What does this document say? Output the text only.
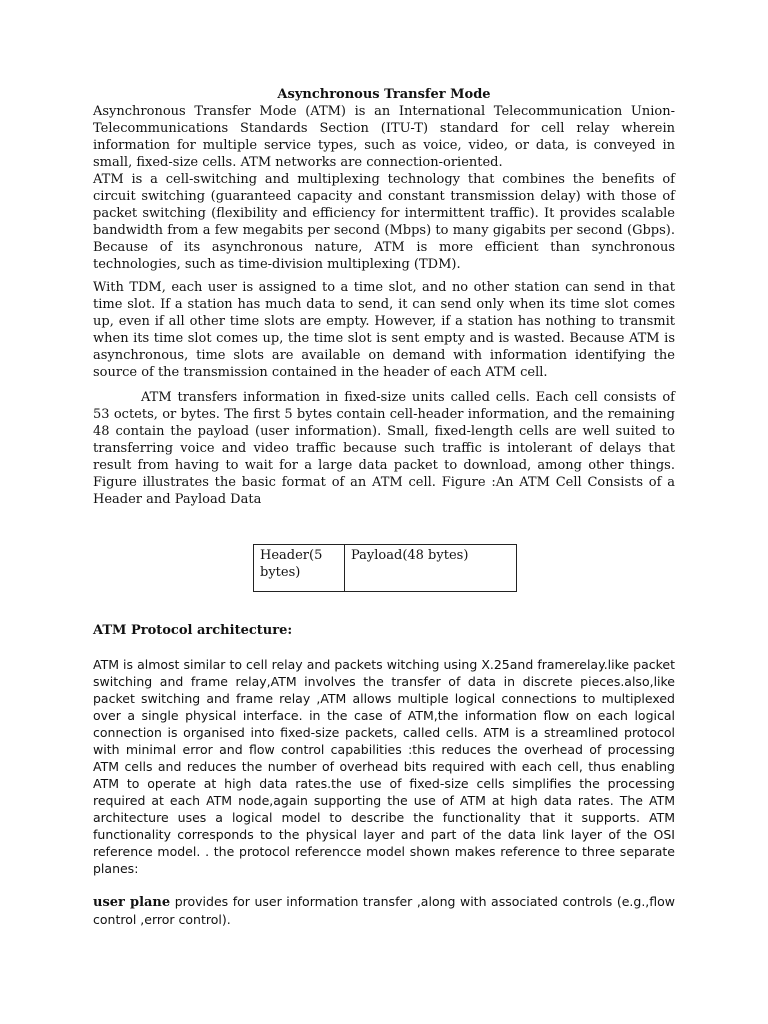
Asynchronous Transfer Mode

Asynchronous Transfer Mode (ATM) is an International Telecommunication Union-Telecommunications Standards Section (ITU-T) standard for cell relay wherein information for multiple service types, such as voice, video, or data, is conveyed in small, fixed-size cells. ATM networks are connection-oriented.

ATM is a cell-switching and multiplexing technology that combines the benefits of circuit switching (guaranteed capacity and constant transmission delay) with those of packet switching (flexibility and efficiency for intermittent traffic). It provides scalable bandwidth from a few megabits per second (Mbps) to many gigabits per second (Gbps). Because of its asynchronous nature, ATM is more efficient than synchronous technologies, such as time-division multiplexing (TDM).

With TDM, each user is assigned to a time slot, and no other station can send in that time slot. If a station has much data to send, it can send only when its time slot comes up, even if all other time slots are empty. However, if a station has nothing to transmit when its time slot comes up, the time slot is sent empty and is wasted. Because ATM is asynchronous, time slots are available on demand with information identifying the source of the transmission contained in the header of each ATM cell.

ATM transfers information in fixed-size units called cells. Each cell consists of 53 octets, or bytes. The first 5 bytes contain cell-header information, and the remaining 48 contain the payload (user information). Small, fixed-length cells are well suited to transferring voice and video traffic because such traffic is intolerant of delays that result from having to wait for a large data packet to download, among other things. Figure illustrates the basic format of an ATM cell. Figure :An ATM Cell Consists of a Header and Payload Data

Header(5 bytes)	Payload(48 bytes)

ATM Protocol architecture:

ATM is almost similar to cell relay and packets witching using X.25and framerelay.like packet switching and frame relay,ATM involves the transfer of data in discrete pieces.also,like packet switching and frame relay ,ATM allows multiple logical connections to multiplexed over a single physical interface. in the case of ATM,the information flow on each logical connection is organised into fixed-size packets, called cells. ATM is a streamlined protocol with minimal error and flow control capabilities :this reduces the overhead of processing ATM cells and reduces the number of overhead bits required with each cell, thus enabling ATM to operate at high data rates.the use of fixed-size cells simplifies the processing required at each ATM node,again supporting the use of ATM at high data rates. The ATM architecture uses a logical model to describe the functionality that it supports. ATM functionality corresponds to the physical layer and part of the data link layer of the OSI reference model. . the protocol referencce model shown makes reference to three separate planes:

user plane provides for user information transfer ,along with associated controls (e.g.,flow control ,error control).
